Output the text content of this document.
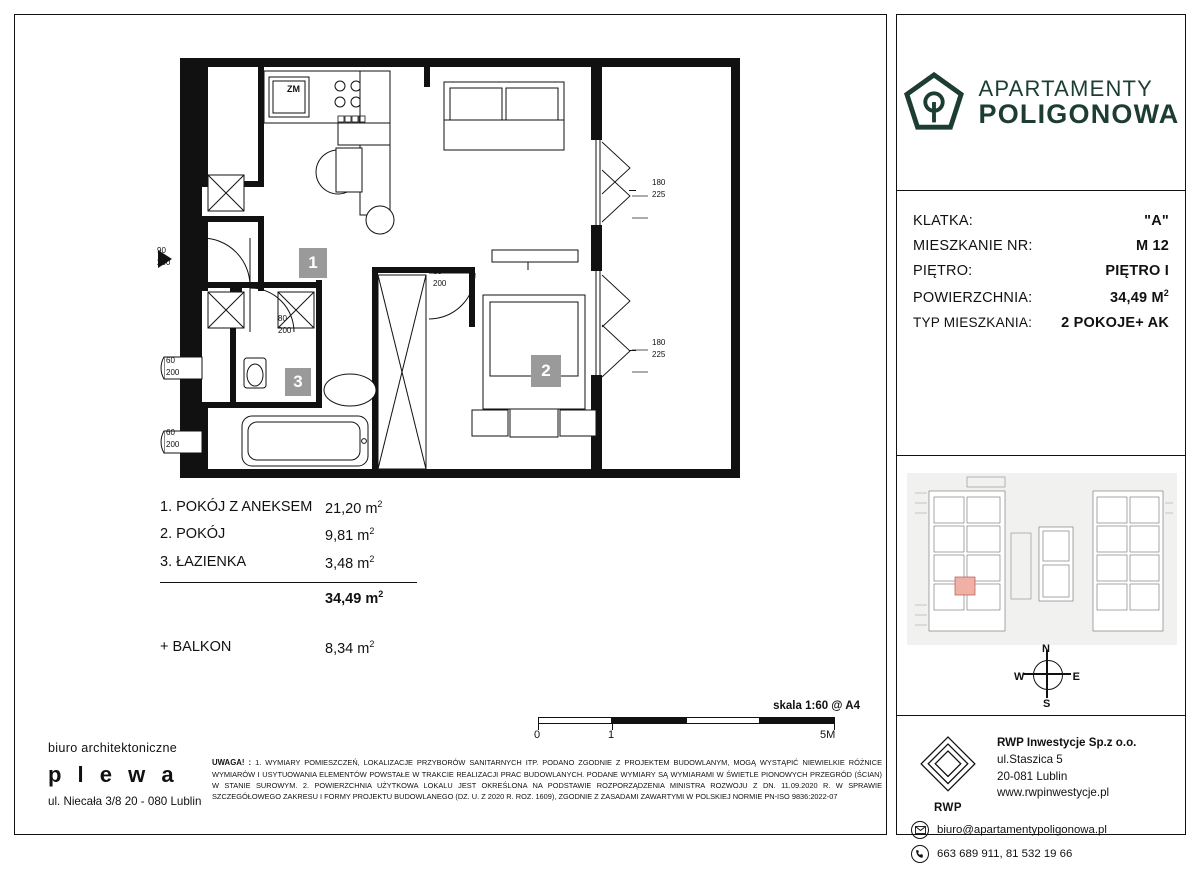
1
2
3
ZM
90
200
80
200
80
200
180
225
180
225
60
200
60
200
1. POKÓJ Z ANEKSEM 21,20 $m^2$
2. POKÓJ	9,81 $m^2$
3. ŁAZIENKA	3,48 $m^2$
34,49 $m^2$
+ BALKON	8,34 $m^2$
skala 1:60 @ A4
0	1	5M
biuro architektoniczne
p l e w a
ul. Niecała 3/8 20 - 080 Lublin
UWAGA! : 1. WYMIARY POMIESZCZEŃ, LOKALIZACJE PRZYBORÓW SANITARNYCH ITP. PODANO ZGODNIE Z PROJEKTEM BUDOWLANYM, MOGĄ WYSTĄPIĆ NIEWIELKIE RÓŻNICE WYMIARÓW I USYTUOWANIA ELEMENTÓW POWSTAŁE W TRAKCIE REALIZACJI PRAC BUDOWLANYCH. PODANE WYMIARY SĄ WYMIARAMI W ŚWIETLE PIONOWYCH PRZEGRÓD (ŚCIAN) W STANIE SUROWYM. 2. POWIERZCHNIA UŻYTKOWA LOKALU JEST OKREŚLONA NA PODSTAWIE ROZPORZĄDZENIA MINISTRA ROZWOJU Z DN. 11.09.2020 R. W SPRAWIE SZCZEGÓŁOWEGO ZAKRESU I FORMY PROJEKTU BUDOWLANEGO (DZ. U. Z 2020 R. ROZ. 1609), ZGODNIE Z ZASADAMI ZAWARTYMI W POLSKIEJ NORMIE PN-ISO 9836:2022-07
APARTAMENTY
POLIGONOWA
KLATKA:	"A"
MIESZKANIE NR:	M 12
PIĘTRO:	PIĘTRO I
POWIERZCHNIA:	34,49 $M^2$
TYP MIESZKANIA: 2 POKOJE+ AK
N
S
W	E
RWP
RWP Inwestycje Sp.z o.o.
ul.Staszica 5
20-081 Lublin
www.rwpinwestycje.pl
biuro@apartamentypoligonowa.pl
663 689 911, 81 532 19 66
